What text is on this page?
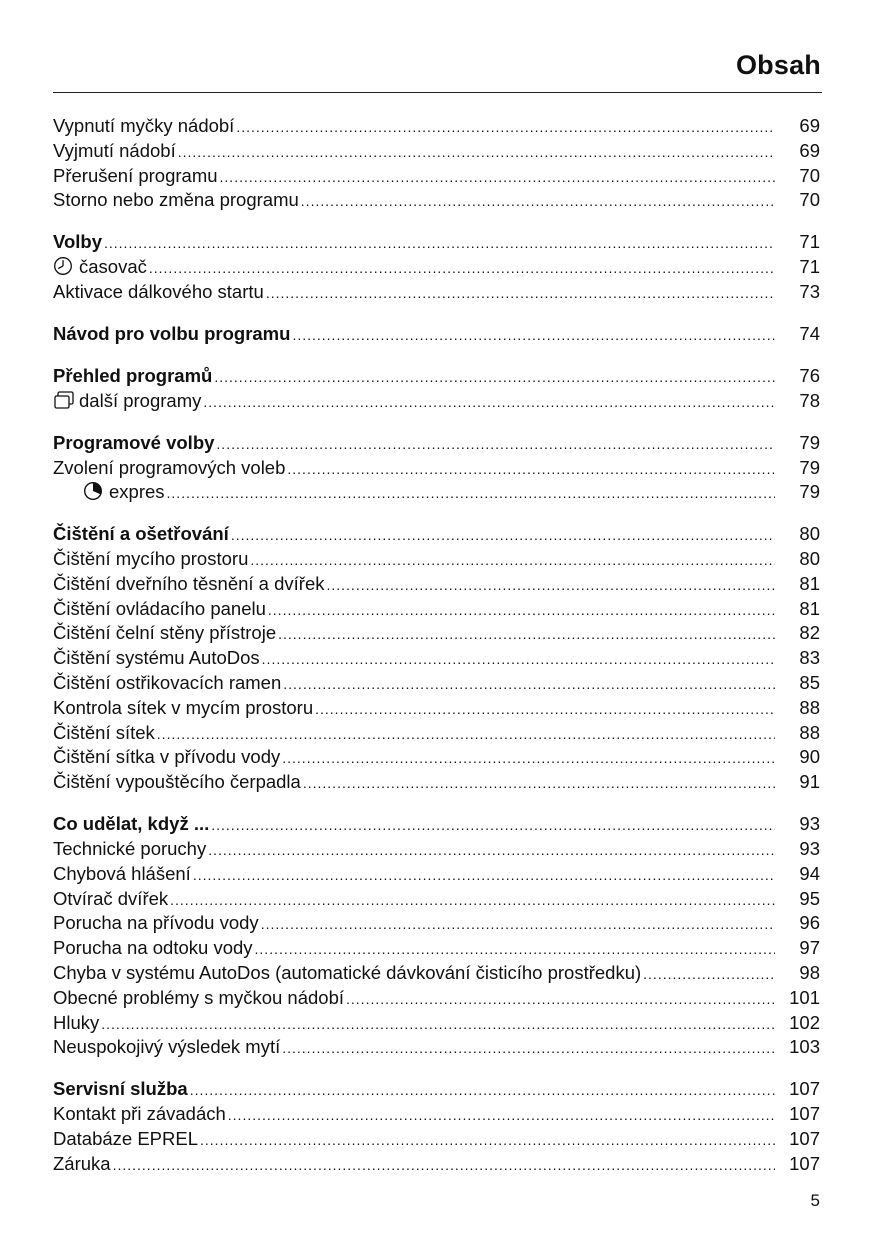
Obsah
Vypnutí myčky nádobí .....	69
Vyjmutí nádobí .....	69
Přerušení programu .....	70
Storno nebo změna programu .....	70
Volby .....	71
časovač .....	71
Aktivace dálkového startu .....	73
Návod pro volbu programu .....	74
Přehled programů .....	76
další programy .....	78
Programové volby .....	79
Zvolení programových voleb .....	79
expres .....	79
Čištění a ošetřování .....	80
Čištění mycího prostoru .....	80
Čištění dveřního těsnění a dvířek .....	81
Čištění ovládacího panelu .....	81
Čištění čelní stěny přístroje .....	82
Čištění systému AutoDos .....	83
Čištění ostřikovacích ramen .....	85
Kontrola sítek v mycím prostoru .....	88
Čištění sítek .....	88
Čištění sítka v přívodu vody .....	90
Čištění vypouštěcího čerpadla .....	91
Co udělat, když ... .....	93
Technické poruchy .....	93
Chybová hlášení .....	94
Otvírač dvířek .....	95
Porucha na přívodu vody .....	96
Porucha na odtoku vody .....	97
Chyba v systému AutoDos (automatické dávkování čisticího prostředku) .....	98
Obecné problémy s myčkou nádobí .....	101
Hluky .....	102
Neuspokojivý výsledek mytí .....	103
Servisní služba .....	107
Kontakt při závadách .....	107
Databáze EPREL .....	107
Záruka .....	107
5
